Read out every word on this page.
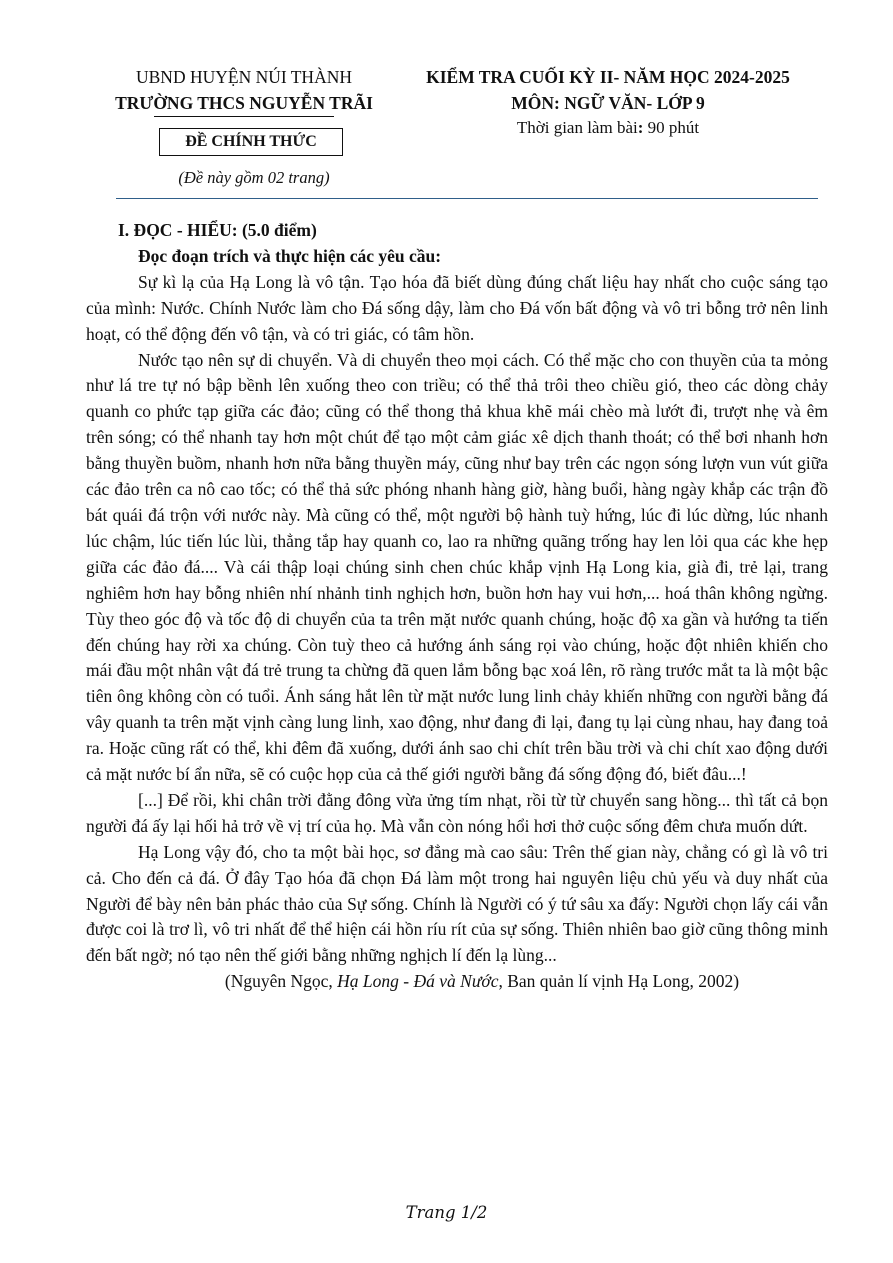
UBND HUYỆN NÚI THÀNH
TRƯỜNG THCS NGUYỄN TRÃI
ĐỀ CHÍNH THỨC
(Đề này gồm 02 trang)
KIỂM TRA CUỐI KỲ II- NĂM HỌC 2024-2025
MÔN: NGỮ VĂN- LỚP 9
Thời gian làm bài: 90 phút
I. ĐỌC - HIỂU: (5.0 điểm)
Đọc đoạn trích và thực hiện các yêu cầu:

Sự kì lạ của Hạ Long là vô tận. Tạo hóa đã biết dùng đúng chất liệu hay nhất cho cuộc sáng tạo của mình: Nước. Chính Nước làm cho Đá sống dậy, làm cho Đá vốn bất động và vô tri bỗng trở nên linh hoạt, có thể động đến vô tận, và có tri giác, có tâm hồn.

Nước tạo nên sự di chuyển. Và di chuyển theo mọi cách. Có thể mặc cho con thuyền của ta mỏng như lá tre tự nó bập bềnh lên xuống theo con triều; có thể thả trôi theo chiều gió, theo các dòng chảy quanh co phức tạp giữa các đảo; cũng có thể thong thả khua khẽ mái chèo mà lướt đi, trượt nhẹ và êm trên sóng; có thể nhanh tay hơn một chút để tạo một cảm giác xê dịch thanh thoát; có thể bơi nhanh hơn bằng thuyền buồm, nhanh hơn nữa bằng thuyền máy, cũng như bay trên các ngọn sóng lượn vun vút giữa các đảo trên ca nô cao tốc; có thể thả sức phóng nhanh hàng giờ, hàng buổi, hàng ngày khắp các trận đồ bát quái đá trộn với nước này. Mà cũng có thể, một người bộ hành tuỳ hứng, lúc đi lúc dừng, lúc nhanh lúc chậm, lúc tiến lúc lùi, thẳng tắp hay quanh co, lao ra những quãng trống hay len lỏi qua các khe hẹp giữa các đảo đá.... Và cái thập loại chúng sinh chen chúc khắp vịnh Hạ Long kia, già đi, trẻ lại, trang nghiêm hơn hay bỗng nhiên nhí nhảnh tinh nghịch hơn, buồn hơn hay vui hơn,... hoá thân không ngừng. Tùy theo góc độ và tốc độ di chuyển của ta trên mặt nước quanh chúng, hoặc độ xa gần và hướng ta tiến đến chúng hay rời xa chúng. Còn tuỳ theo cả hướng ánh sáng rọi vào chúng, hoặc đột nhiên khiến cho mái đầu một nhân vật đá trẻ trung ta chừng đã quen lắm bỗng bạc xoá lên, rõ ràng trước mắt ta là một bậc tiên ông không còn có tuổi. Ánh sáng hắt lên từ mặt nước lung linh chảy khiến những con người bằng đá vây quanh ta trên mặt vịnh càng lung linh, xao động, như đang đi lại, đang tụ lại cùng nhau, hay đang toả ra. Hoặc cũng rất có thể, khi đêm đã xuống, dưới ánh sao chi chít trên bầu trời và chi chít xao động dưới cả mặt nước bí ẩn nữa, sẽ có cuộc họp của cả thế giới người bằng đá sống động đó, biết đâu...!

[...] Để rồi, khi chân trời đằng đông vừa ửng tím nhạt, rồi từ từ chuyển sang hồng... thì tất cả bọn người đá ấy lại hối hả trở về vị trí của họ. Mà vẫn còn nóng hổi hơi thở cuộc sống đêm chưa muốn dứt.

Hạ Long vậy đó, cho ta một bài học, sơ đẳng mà cao sâu: Trên thế gian này, chẳng có gì là vô tri cả. Cho đến cả đá. Ở đây Tạo hóa đã chọn Đá làm một trong hai nguyên liệu chủ yếu và duy nhất của Người để bày nên bản phác thảo của Sự sống. Chính là Người có ý tứ sâu xa đấy: Người chọn lấy cái vẫn được coi là trơ lì, vô tri nhất để thể hiện cái hồn ríu rít của sự sống. Thiên nhiên bao giờ cũng thông minh đến bất ngờ; nó tạo nên thế giới bằng những nghịch lí đến lạ lùng...

(Nguyên Ngọc, Hạ Long - Đá và Nước, Ban quản lí vịnh Hạ Long, 2002)
Trang 1/2
